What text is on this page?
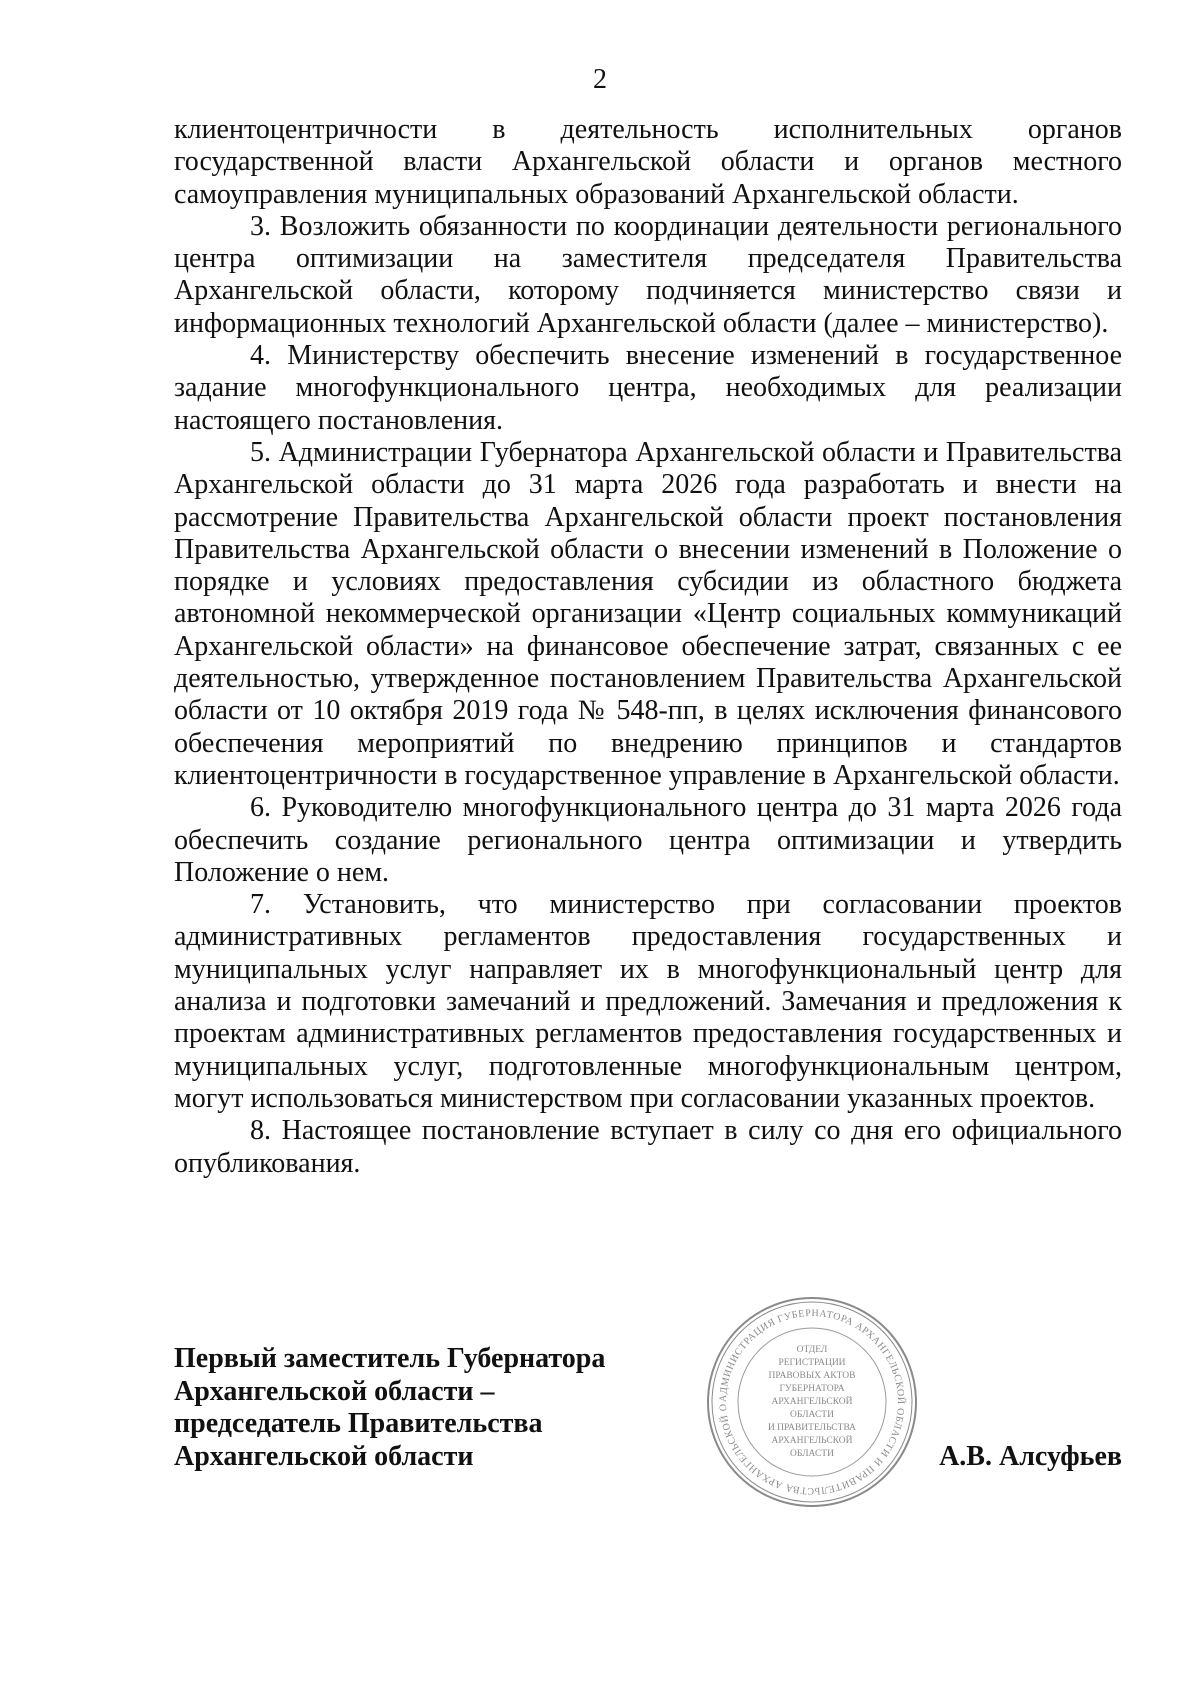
2

клиентоцентричности в деятельность исполнительных органов государственной власти Архангельской области и органов местного самоуправления муниципальных образований Архангельской области.

3. Возложить обязанности по координации деятельности регионального центра оптимизации на заместителя председателя Правительства Архангельской области, которому подчиняется министерство связи и информационных технологий Архангельской области (далее – министерство).

4. Министерству обеспечить внесение изменений в государственное задание многофункционального центра, необходимых для реализации настоящего постановления.

5. Администрации Губернатора Архангельской области и Правительства Архангельской области до 31 марта 2026 года разработать и внести на рассмотрение Правительства Архангельской области проект постановления Правительства Архангельской области о внесении изменений в Положение о порядке и условиях предоставления субсидии из областного бюджета автономной некоммерческой организации «Центр социальных коммуникаций Архангельской области» на финансовое обеспечение затрат, связанных с ее деятельностью, утвержденное постановлением Правительства Архангельской области от 10 октября 2019 года № 548-пп, в целях исключения финансового обеспечения мероприятий по внедрению принципов и стандартов клиентоцентричности в государственное управление в Архангельской области.

6. Руководителю многофункционального центра до 31 марта 2026 года обеспечить создание регионального центра оптимизации и утвердить Положение о нем.

7. Установить, что министерство при согласовании проектов административных регламентов предоставления государственных и муниципальных услуг направляет их в многофункциональный центр для анализа и подготовки замечаний и предложений. Замечания и предложения к проектам административных регламентов предоставления государственных и муниципальных услуг, подготовленные многофункциональным центром, могут использоваться министерством при согласовании указанных проектов.

8. Настоящее постановление вступает в силу со дня его официального опубликования.

Первый заместитель Губернатора
Архангельской области –
председатель Правительства
Архангельской области
АДМИНИСТРАЦИЯ ГУБЕРНАТОРА АРХАНГЕЛЬСКОЙ ОБЛАСТИ И ПРАВИТЕЛЬСТВА АРХАНГЕЛЬСКОЙ О
ОТДЕЛ
РЕГИСТРАЦИИ
ПРАВОВЫХ АКТОВ
ГУБЕРНАТОРА
АРХАНГЕЛЬСКОЙ
ОБЛАСТИ
И ПРАВИТЕЛЬСТВА
АРХАНГЕЛЬСКОЙ
ОБЛАСТИ	А.В. Алсуфьев
